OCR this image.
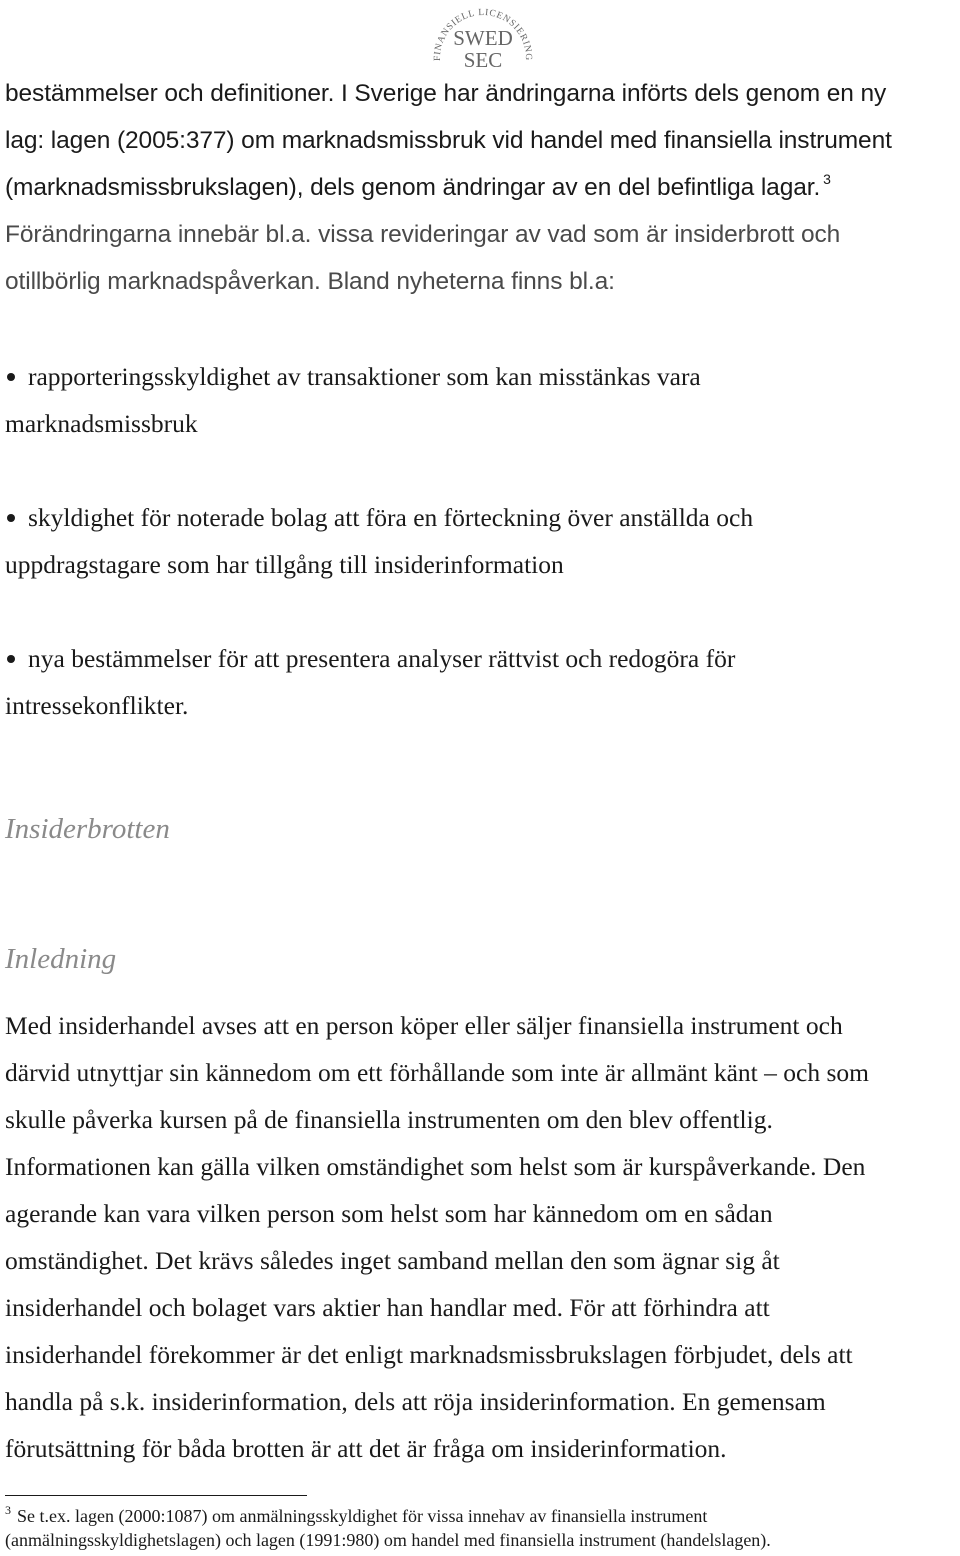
FINANSIELL LICENSIERING
SWED
SEC
bestämmelser och definitioner. I Sverige har ändringarna införts dels genom en ny
lag: lagen (2005:377) om marknadsmissbruk vid handel med finansiella instrument
(marknadsmissbrukslagen), dels genom ändringar av en del befintliga lagar. $^3$
Förändringarna innebär bl.a. vissa revideringar av vad som är insiderbrott och
otillbörlig marknadspåverkan. Bland nyheterna finns bl.a:
rapporteringsskyldighet av transaktioner som kan misstänkas vara
marknadsmissbruk
skyldighet för noterade bolag att föra en förteckning över anställda och
uppdragstagare som har tillgång till insiderinformation
nya bestämmelser för att presentera analyser rättvist och redogöra för
intressekonflikter.
Insiderbrotten
Inledning
Med insiderhandel avses att en person köper eller säljer finansiella instrument och
därvid utnyttjar sin kännedom om ett förhållande som inte är allmänt känt – och som
skulle påverka kursen på de finansiella instrumenten om den blev offentlig.
Informationen kan gälla vilken omständighet som helst som är kurspåverkande. Den
agerande kan vara vilken person som helst som har kännedom om en sådan
omständighet. Det krävs således inget samband mellan den som ägnar sig åt
insiderhandel och bolaget vars aktier han handlar med. För att förhindra att
insiderhandel förekommer är det enligt marknadsmissbrukslagen förbjudet, dels att
handla på s.k. insiderinformation, dels att röja insiderinformation. En gemensam
förutsättning för båda brotten är att det är fråga om insiderinformation.
$^3$ Se t.ex. lagen (2000:1087) om anmälningsskyldighet för vissa innehav av finansiella instrument
(anmälningsskyldighetslagen) och lagen (1991:980) om handel med finansiella instrument (handelslagen).
